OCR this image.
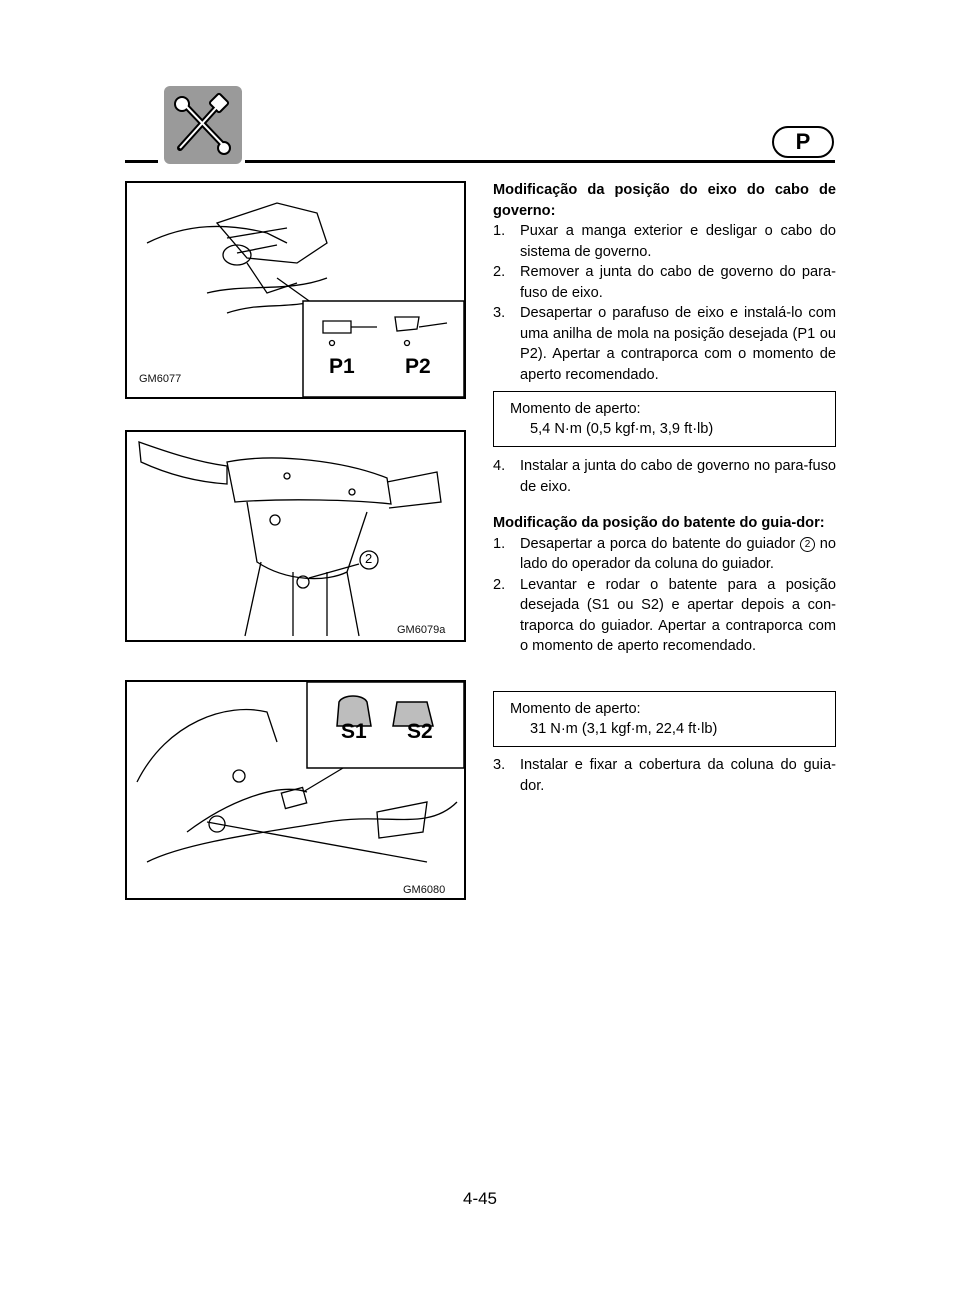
P
P1 P2
GM6077
2
GM6079a
S1 S2
GM6080
Modificação da posição do eixo do cabo de governo:
1. Puxar a manga exterior e desligar o cabo do sistema de governo.
2. Remover a junta do cabo de governo do para-fuso de eixo.
3. Desapertar o parafuso de eixo e instalá-lo com uma anilha de mola na posição desejada (P1 ou P2). Apertar a contraporca com o momento de aperto recomendado.
Momento de aperto:
5,4 N·m (0,5 kgf·m, 3,9 ft·lb)
4. Instalar a junta do cabo de governo no para-fuso de eixo.
Modificação da posição do batente do guia-dor:
1. Desapertar a porca do batente do guiador 2 no lado do operador da coluna do guiador.
2. Levantar e rodar o batente para a posição desejada (S1 ou S2) e apertar depois a con-traporca do guiador. Apertar a contraporca com o momento de aperto recomendado.
Momento de aperto:
31 N·m (3,1 kgf·m, 22,4 ft·lb)
3. Instalar e fixar a cobertura da coluna do guia-dor.
4-45
